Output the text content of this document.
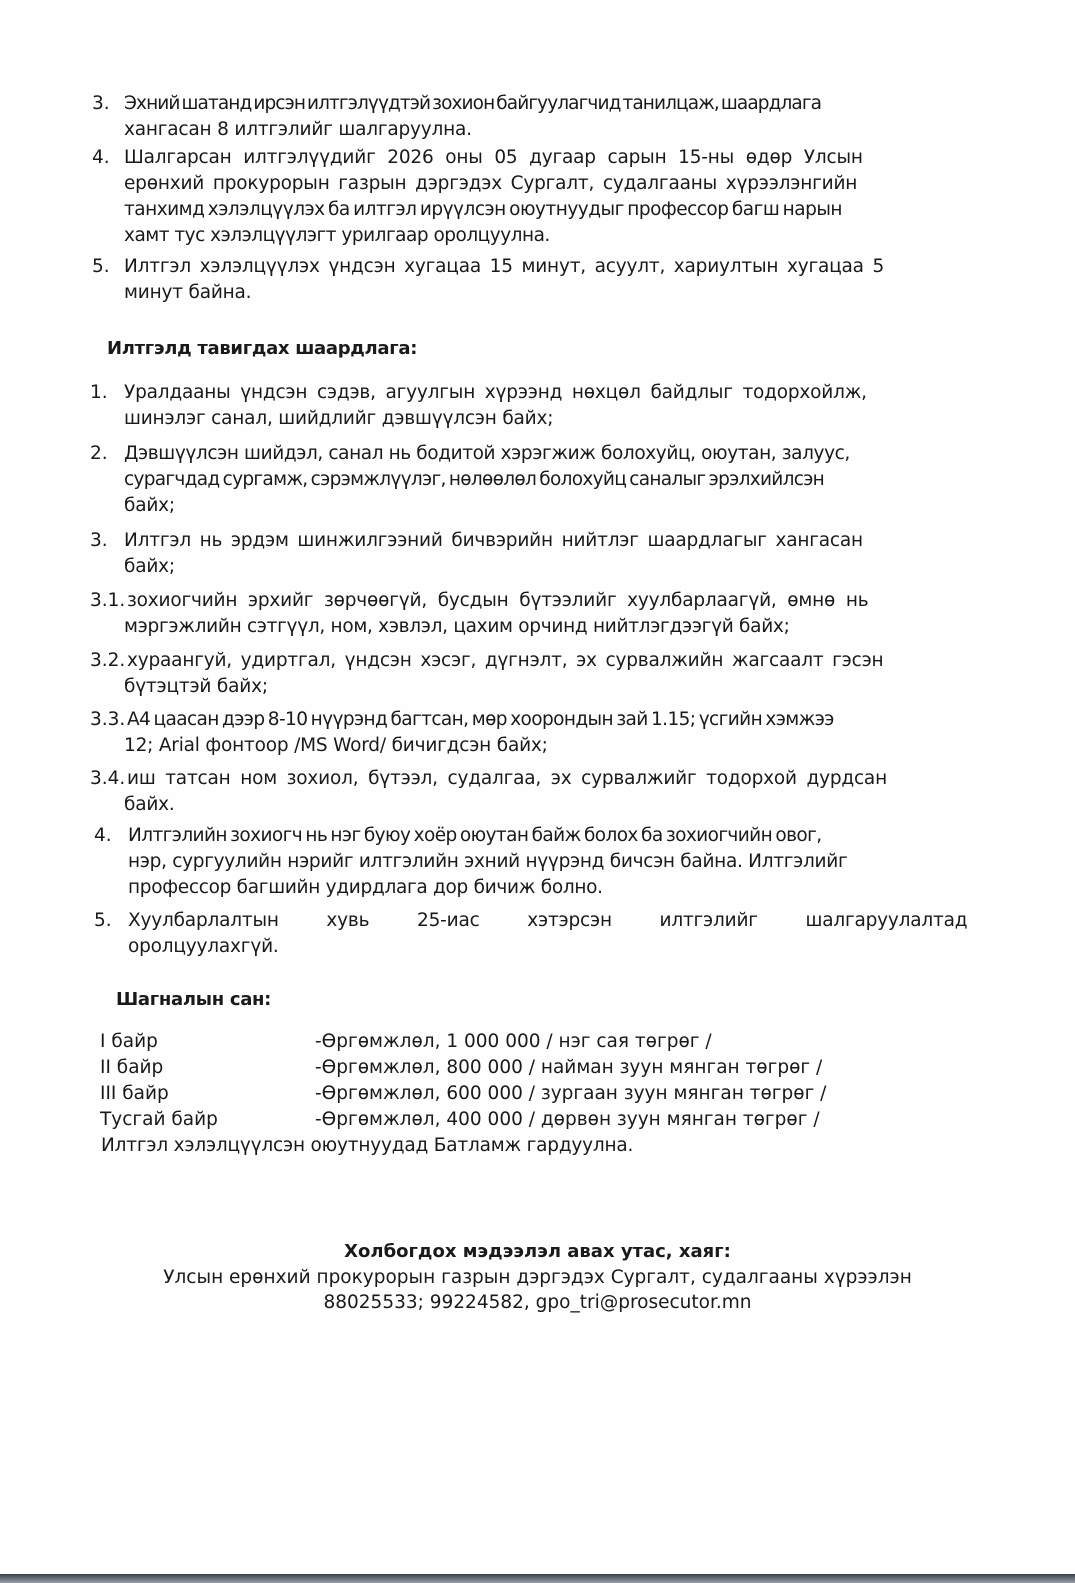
3. Эхний шатанд ирсэн илтгэлүүдтэй зохион байгуулагчид танилцаж, шаардлага
хангасан 8 илтгэлийг шалгаруулна.
4. Шалгарсан илтгэлүүдийг 2026 оны 05 дугаар сарын 15-ны өдөр Улсын
ерөнхий прокурорын газрын дэргэдэх Сургалт, судалгааны хүрээлэнгийн
танхимд хэлэлцүүлэх ба илтгэл ирүүлсэн оюутнуудыг профессор багш нарын
хамт тус хэлэлцүүлэгт урилгаар оролцуулна.
5. Илтгэл хэлэлцүүлэх үндсэн хугацаа 15 минут, асуулт, хариултын хугацаа 5
минут байна.
Илтгэлд тавигдах шаардлага:
1. Уралдааны үндсэн сэдэв, агуулгын хүрээнд нөхцөл байдлыг тодорхойлж,
шинэлэг санал, шийдлийг дэвшүүлсэн байх;
2. Дэвшүүлсэн шийдэл, санал нь бодитой хэрэгжиж болохуйц, оюутан, залуус,
сурагчдад сургамж, сэрэмжлүүлэг, нөлөөлөл болохуйц саналыг эрэлхийлсэн
байх;
3. Илтгэл нь эрдэм шинжилгээний бичвэрийн нийтлэг шаардлагыг хангасан
байх;
3.1. зохиогчийн эрхийг зөрчөөгүй, бусдын бүтээлийг хуулбарлаагүй, өмнө нь
мэргэжлийн сэтгүүл, ном, хэвлэл, цахим орчинд нийтлэгдээгүй байх;
3.2. хураангуй, удиртгал, үндсэн хэсэг, дүгнэлт, эх сурвалжийн жагсаалт гэсэн
бүтэцтэй байх;
3.3. А4 цаасан дээр 8-10 нүүрэнд багтсан, мөр хоорондын зай 1.15; үсгийн хэмжээ
12; Arial фонтоор /MS Word/ бичигдсэн байх;
3.4. иш татсан ном зохиол, бүтээл, судалгаа, эх сурвалжийг тодорхой дурдсан
байх.
4. Илтгэлийн зохиогч нь нэг буюу хоёр оюутан байж болох ба зохиогчийн овог,
нэр, сургуулийн нэрийг илтгэлийн эхний нүүрэнд бичсэн байна. Илтгэлийг
профессор багшийн удирдлага дор бичиж болно.
5. Хуулбарлалтын хувь 25-иас хэтэрсэн илтгэлийг шалгаруулалтад
оролцуулахгүй.
Шагналын сан:
I байр	-Өргөмжлөл, 1 000 000 / нэг сая төгрөг /
II байр	-Өргөмжлөл, 800 000 / найман зуун мянган төгрөг /
III байр	-Өргөмжлөл, 600 000 / зургаан зуун мянган төгрөг /
Тусгай байр	-Өргөмжлөл, 400 000 / дөрвөн зуун мянган төгрөг /
Илтгэл хэлэлцүүлсэн оюутнуудад Батламж гардуулна.
Холбогдох мэдээлэл авах утас, хаяг:
Улсын ерөнхий прокурорын газрын дэргэдэх Сургалт, судалгааны хүрээлэн
88025533; 99224582, gpo_tri@prosecutor.mn
